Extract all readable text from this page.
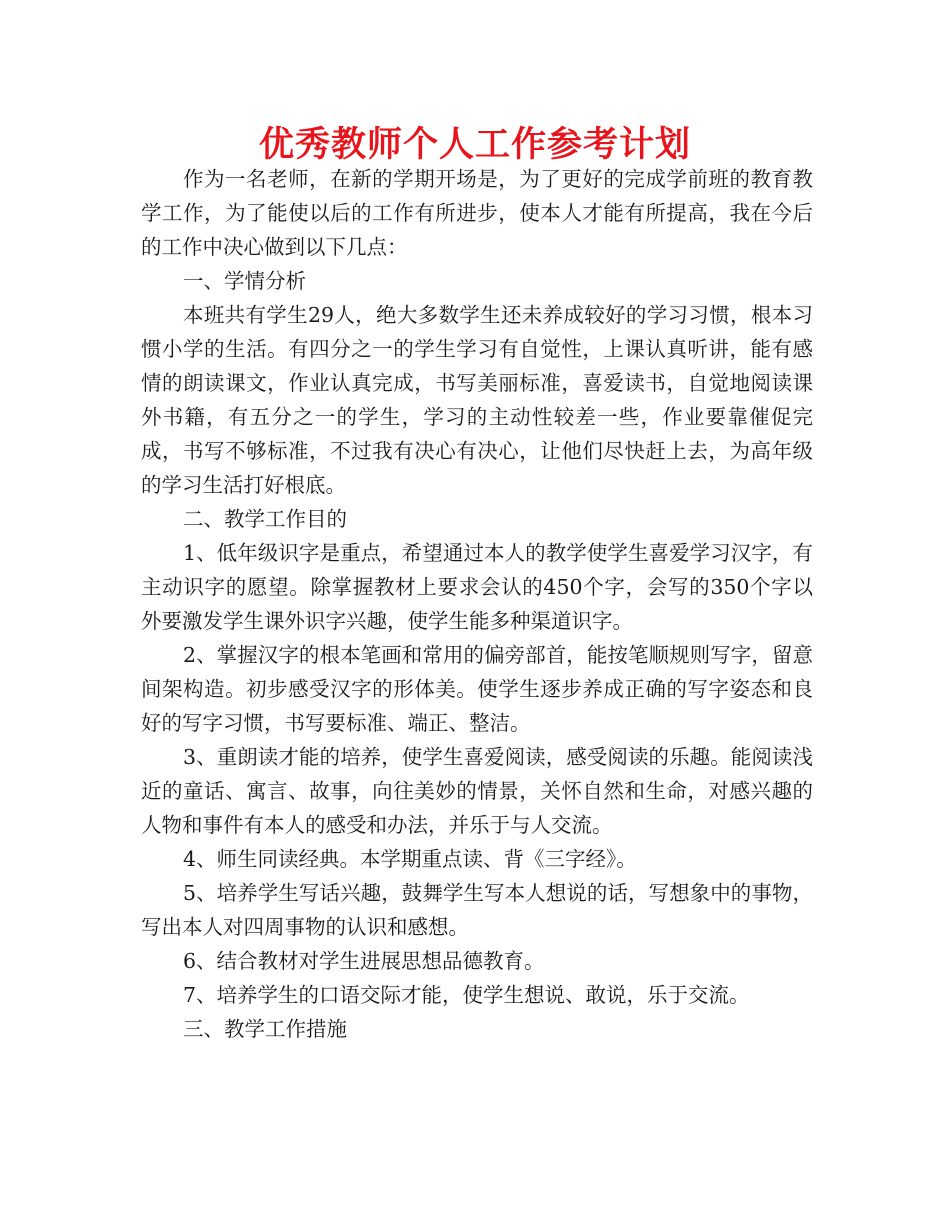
优秀教师个人工作参考计划

作为一名老师，在新的学期开场是，为了更好的完成学前班的教育教学工作，为了能使以后的工作有所进步，使本人才能有所提高，我在今后的工作中决心做到以下几点：

一、学情分析

本班共有学生29人，绝大多数学生还未养成较好的学习习惯，根本习惯小学的生活。有四分之一的学生学习有自觉性，上课认真听讲，能有感情的朗读课文，作业认真完成，书写美丽标准，喜爱读书，自觉地阅读课外书籍，有五分之一的学生，学习的主动性较差一些，作业要靠催促完成，书写不够标准，不过我有决心有决心，让他们尽快赶上去，为高年级的学习生活打好根底。

二、教学工作目的

1、低年级识字是重点，希望通过本人的教学使学生喜爱学习汉字，有主动识字的愿望。除掌握教材上要求会认的450个字，会写的350个字以外要激发学生课外识字兴趣，使学生能多种渠道识字。

2、掌握汉字的根本笔画和常用的偏旁部首，能按笔顺规则写字，留意间架构造。初步感受汉字的形体美。使学生逐步养成正确的写字姿态和良好的写字习惯，书写要标准、端正、整洁。

3、重朗读才能的培养，使学生喜爱阅读，感受阅读的乐趣。能阅读浅近的童话、寓言、故事，向往美妙的情景，关怀自然和生命，对感兴趣的人物和事件有本人的感受和办法，并乐于与人交流。

4、师生同读经典。本学期重点读、背《三字经》。

5、培养学生写话兴趣，鼓舞学生写本人想说的话，写想象中的事物，写出本人对四周事物的认识和感想。

6、结合教材对学生进展思想品德教育。

7、培养学生的口语交际才能，使学生想说、敢说，乐于交流。

三、教学工作措施
